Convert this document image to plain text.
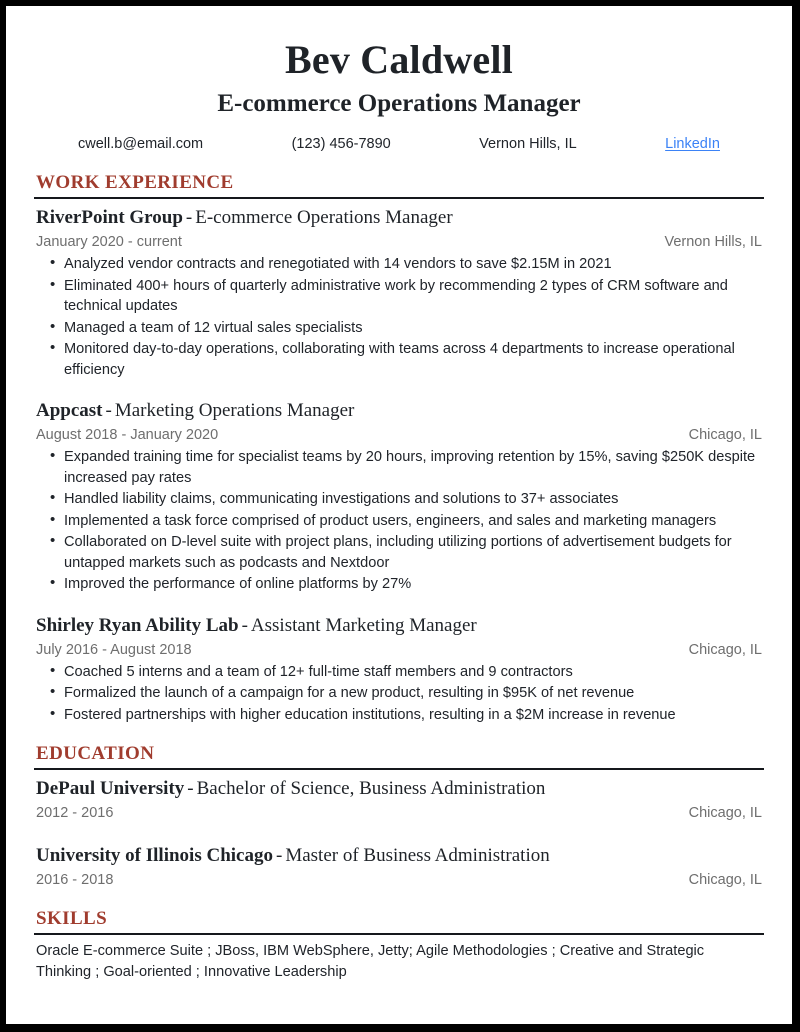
Bev Caldwell
E-commerce Operations Manager
cwell.b@email.com	(123) 456-7890	Vernon Hills, IL	LinkedIn
WORK EXPERIENCE
RiverPoint Group - E-commerce Operations Manager
January 2020 - current	Vernon Hills, IL
• Analyzed vendor contracts and renegotiated with 14 vendors to save $2.15M in 2021
• Eliminated 400+ hours of quarterly administrative work by recommending 2 types of CRM software and technical updates
• Managed a team of 12 virtual sales specialists
• Monitored day-to-day operations, collaborating with teams across 4 departments to increase operational efficiency
Appcast - Marketing Operations Manager
August 2018 - January 2020	Chicago, IL
• Expanded training time for specialist teams by 20 hours, improving retention by 15%, saving $250K despite increased pay rates
• Handled liability claims, communicating investigations and solutions to 37+ associates
• Implemented a task force comprised of product users, engineers, and sales and marketing managers
• Collaborated on D-level suite with project plans, including utilizing portions of advertisement budgets for untapped markets such as podcasts and Nextdoor
• Improved the performance of online platforms by 27%
Shirley Ryan Ability Lab - Assistant Marketing Manager
July 2016 - August 2018	Chicago, IL
• Coached 5 interns and a team of 12+ full-time staff members and 9 contractors
• Formalized the launch of a campaign for a new product, resulting in $95K of net revenue
• Fostered partnerships with higher education institutions, resulting in a $2M increase in revenue
EDUCATION
DePaul University - Bachelor of Science, Business Administration
2012 - 2016	Chicago, IL
University of Illinois Chicago - Master of Business Administration
2016 - 2018	Chicago, IL
SKILLS
Oracle E-commerce Suite ; JBoss, IBM WebSphere, Jetty; Agile Methodologies ; Creative and Strategic Thinking ; Goal-oriented ; Innovative Leadership
